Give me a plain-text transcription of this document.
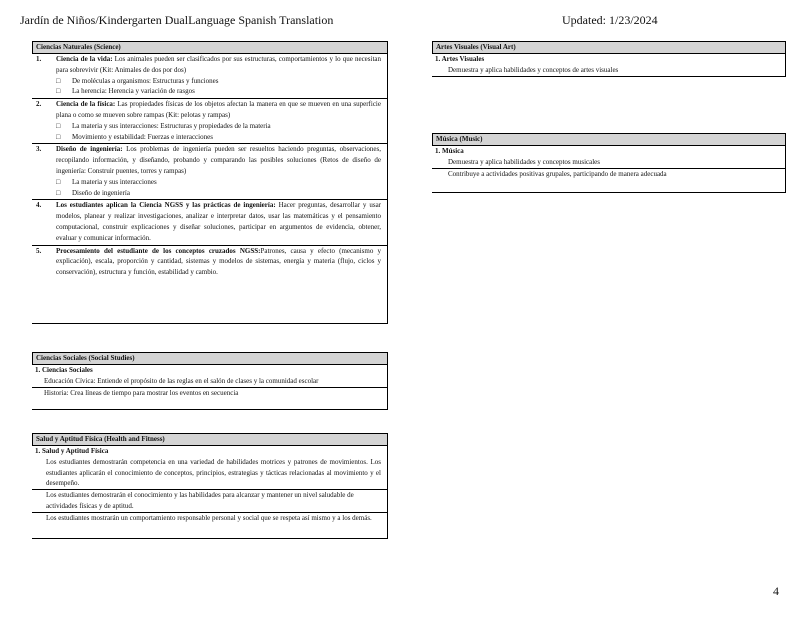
Jardín de Niños/Kindergarten DualLanguage Spanish Translation	Updated: 1/23/2024
Ciencias Naturales (Science)
1. Ciencia de la vida: Los animales pueden ser clasificados por sus estructuras, comportamientos y lo que necesitan para sobrevivir (Kit: Animales de dos por dos)
□ De moléculas a organismos: Estructuras y funciones
□ La herencia: Herencia y variación de rasgos
2. Ciencia de la física: Las propiedades físicas de los objetos afectan la manera en que se mueven en una superficie plana o como se mueven sobre rampas (Kit: pelotas y rampas)
□ La materia y sus interacciones: Estructuras y propiedades de la materia
□ Movimiento y estabilidad: Fuerzas e interacciones
3. Diseño de ingeniería: Los problemas de ingeniería pueden ser resueltos haciendo preguntas, observaciones, recopilando información, y diseñando, probando y comparando las posibles soluciones (Retos de diseño de ingeniería: Construir puentes, torres y rampas)
□ La materia y sus interacciones
□ Diseño de ingeniería
4. Los estudiantes aplican la Ciencia NGSS y las prácticas de ingeniería: Hacer preguntas, desarrollar y usar modelos, planear y realizar investigaciones, analizar e interpretar datos, usar las matemáticas y el pensamiento computacional, construir explicaciones y diseñar soluciones, participar en argumentos de evidencia, obtener, evaluar y comunicar información.
5. Procesamiento del estudiante de los conceptos cruzados NGSS:Patrones, causa y efecto (mecanismo y explicación), escala, proporción y cantidad, sistemas y modelos de sistemas, energía y materia (flujo, ciclos y conservación), estructura y función, estabilidad y cambio.
Ciencias Sociales (Social Studies)
1. Ciencias Sociales
Educación Cívica: Entiende el propósito de las reglas en el salón de clases y la comunidad escolar
Historia: Crea líneas de tiempo para mostrar los eventos en secuencia
Salud y Aptitud Física (Health and Fitness)
1. Salud y Aptitud Física
Los estudiantes demostrarán competencia en una variedad de habilidades motrices y patrones de movimientos. Los estudiantes aplicarán el conocimiento de conceptos, principios, estrategias y tácticas relacionadas al movimiento y el desempeño.
Los estudiantes demostrarán el conocimiento y las habilidades para alcanzar y mantener un nivel saludable de actividades físicas y de aptitud.
Los estudiantes mostrarán un comportamiento responsable personal y social que se respeta así mismo y a los demás.
Artes Visuales (Visual Art)
1. Artes Visuales
Demuestra y aplica habilidades y conceptos de artes visuales
Música (Music)
1. Música
Demuestra y aplica habilidades y conceptos musicales
Contribuye a actividades positivas grupales, participando de manera adecuada
4
